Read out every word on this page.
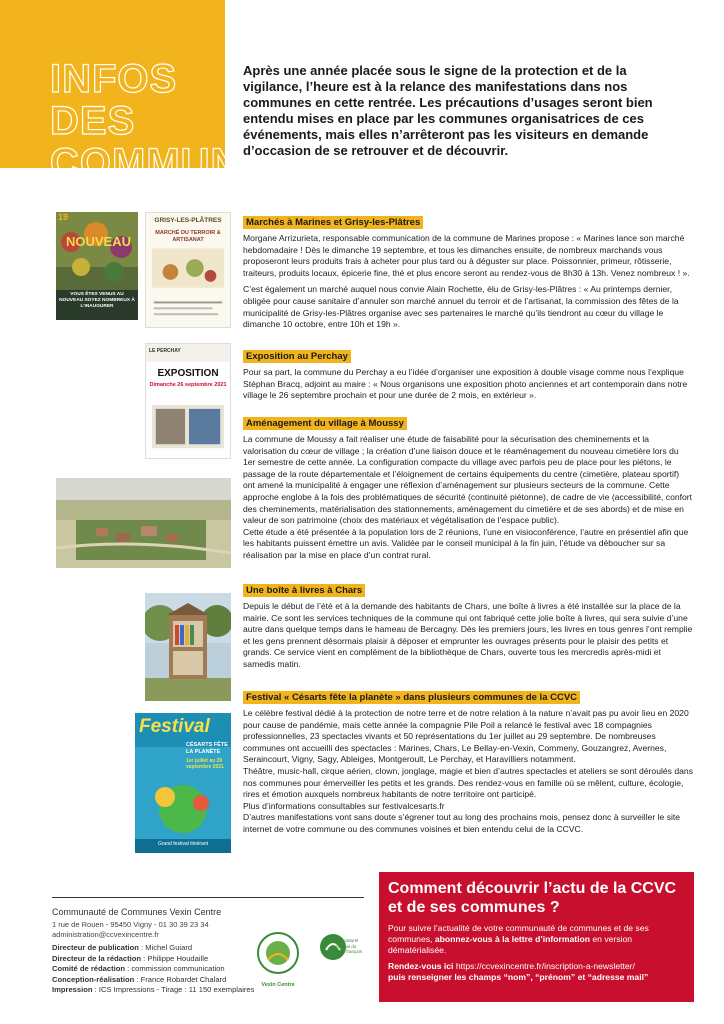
INFOS DES COMMUNES
Après une année placée sous le signe de la protection et de la vigilance, l’heure est à la relance des manifestations dans nos communes en cette rentrée. Les précautions d’usages seront bien entendu mises en place par les communes organisatrices de ces événements, mais elles n’arrêteront pas les visiteurs en demande d’occasion de se retrouver et de découvrir.
19
NOUVEAU
VOUS ÊTES VENUS AU NOUVEAU SOYEZ NOMBREUX À L’INAUGURER
GRISY-LES-PLÂTRES
MARCHÉ DU TERROIR & ARTISANAT
LE PERCHAY
EXPOSITION
Dimanche 26 septembre 2021
Festival
CÉSARTS FÊTE LA PLANÈTE
1er juillet au 29 septembre 2021
Grand festival itinérant
Marchés à Marines et Grisy-les-Plâtres

Morgane Arrizurieta, responsable communication de la commune de Marines propose : « Marines lance son marché hebdomadaire ! Dès le dimanche 19 septembre, et tous les dimanches ensuite, de nombreux marchands vous proposeront leurs produits frais à acheter pour plus tard ou à déguster sur place. Poissonnier, primeur, rôtisserie, traiteurs, produits locaux, épicerie fine, thé et plus encore seront au rendez-vous de 8h30 à 13h. Venez nombreux ! ».

C’est également un marché auquel nous convie Alain Rochette, élu de Grisy-les-Plâtres : « Au printemps dernier, obligée pour cause sanitaire d’annuler son marché annuel du terroir et de l’artisanat, la commission des fêtes de la municipalité de Grisy-les-Plâtres organise avec ses partenaires le marché qu’ils tiendront au cœur du village le dimanche 10 octobre, entre 10h et 19h ».

Exposition au Perchay

Pour sa part, la commune du Perchay a eu l’idée d’organiser une exposition à double visage comme nous l’explique Stéphan Bracq, adjoint au maire : « Nous organisons une exposition photo anciennes et art contemporain dans notre village le 26 septembre prochain et pour une durée de 2 mois, en extérieur ».

Aménagement du village à Moussy

La commune de Moussy a fait réaliser une étude de faisabilité pour la sécurisation des cheminements et la valorisation du cœur de village ; la création d’une liaison douce et le réaménagement du nouveau cimetière lors du 1er semestre de cette année. La configuration compacte du village avec parfois peu de place pour les piétons, le passage de la route départementale et l’éloignement de certains équipements du centre (cimetière, plateau sportif) ont amené la municipalité à engager une réflexion d’aménagement sur plusieurs secteurs de la commune. Cette approche englobe à la fois des problématiques de sécurité (continuité piétonne), de cadre de vie (accessibilité, confort des cheminements, matérialisation des stationnements, aménagement du cimetière et de ses abords) et de mise en valeur de son patrimoine (choix des matériaux et végétalisation de l’espace public).

Cette étude a été présentée à la population lors de 2 réunions, l’une en visioconférence, l’autre en présentiel afin que les habitants puissent émettre un avis. Validée par le conseil municipal à la fin juin, l’étude va déboucher sur sa réalisation par la mise en place d’un contrat rural.

Une boîte à livres à Chars

Depuis le début de l’été et à la demande des habitants de Chars, une boîte à livres a été installée sur la place de la mairie. Ce sont les services techniques de la commune qui ont fabriqué cette jolie boîte à livres, qui sera suivie d’une autre dans quelque temps dans le hameau de Bercagny. Dès les premiers jours, les livres en tous genres l’ont remplie et les gens prennent désormais plaisir à déposer et emprunter les ouvrages présents pour le plaisir des petits et grands. Ce service vient en complément de la bibliothèque de Chars, ouverte tous les mercredis après-midi et samedis matin.

Festival « Césarts fête la planète » dans plusieurs communes de la CCVC

Le célèbre festival dédié à la protection de notre terre et de notre relation à la nature n’avait pas pu avoir lieu en 2020 pour cause de pandémie, mais cette année la compagnie Pile Poil a relancé le festival avec 18 compagnies professionnelles, 23 spectacles vivants et 50 représentations du 1er juillet au 29 septembre. De nombreuses communes ont accueilli des spectacles : Marines, Chars, Le Bellay-en-Vexin, Commeny, Gouzangrez, Avernes, Seraincourt, Vigny, Sagy, Ableiges, Montgeroult, Le Perchay, et Haravilliers notamment.

Théâtre, music-hall, cirque aérien, clown, jonglage, magie et bien d’autres spectacles et ateliers se sont déroulés dans nos communes pour émerveiller les petits et les grands. Des rendez-vous en famille où se mêlent, culture, écologie, rires et émotion auxquels nombreux habitants de notre territoire ont participé.

Plus d’informations consultables sur festivalcesarts.fr

D’autres manifestations vont sans doute s’égrener tout au long des prochains mois, pensez donc à surveiller le site internet de votre commune ou des communes voisines et bien entendu celui de la CCVC.

Communauté de Communes Vexin Centre
1 rue de Rouen - 95450 Vigny - 01 30 39 23 34
administration@ccvexincentre.fr
Directeur de publication : Michel Guiard
Directeur de la rédaction : Philippe Houdaille
Comité de rédaction : commission communication
Conception-réalisation : France Robardet Chalard
Impression : ICS Impressions - Tirage : 11 150 exemplaires
Vexin Centre
Parc naturel régional du Vexin français
Comment découvrir l’actu de la CCVC et de ses communes ?
Pour suivre l’actualité de votre communauté de communes et de ses communes, abonnez-vous à la lettre d’information en version dématérialisée.
Rendez-vous ici https://ccvexincentre.fr/inscription-a-newsletter/
puis renseigner les champs “nom”, “prénom” et “adresse mail”
